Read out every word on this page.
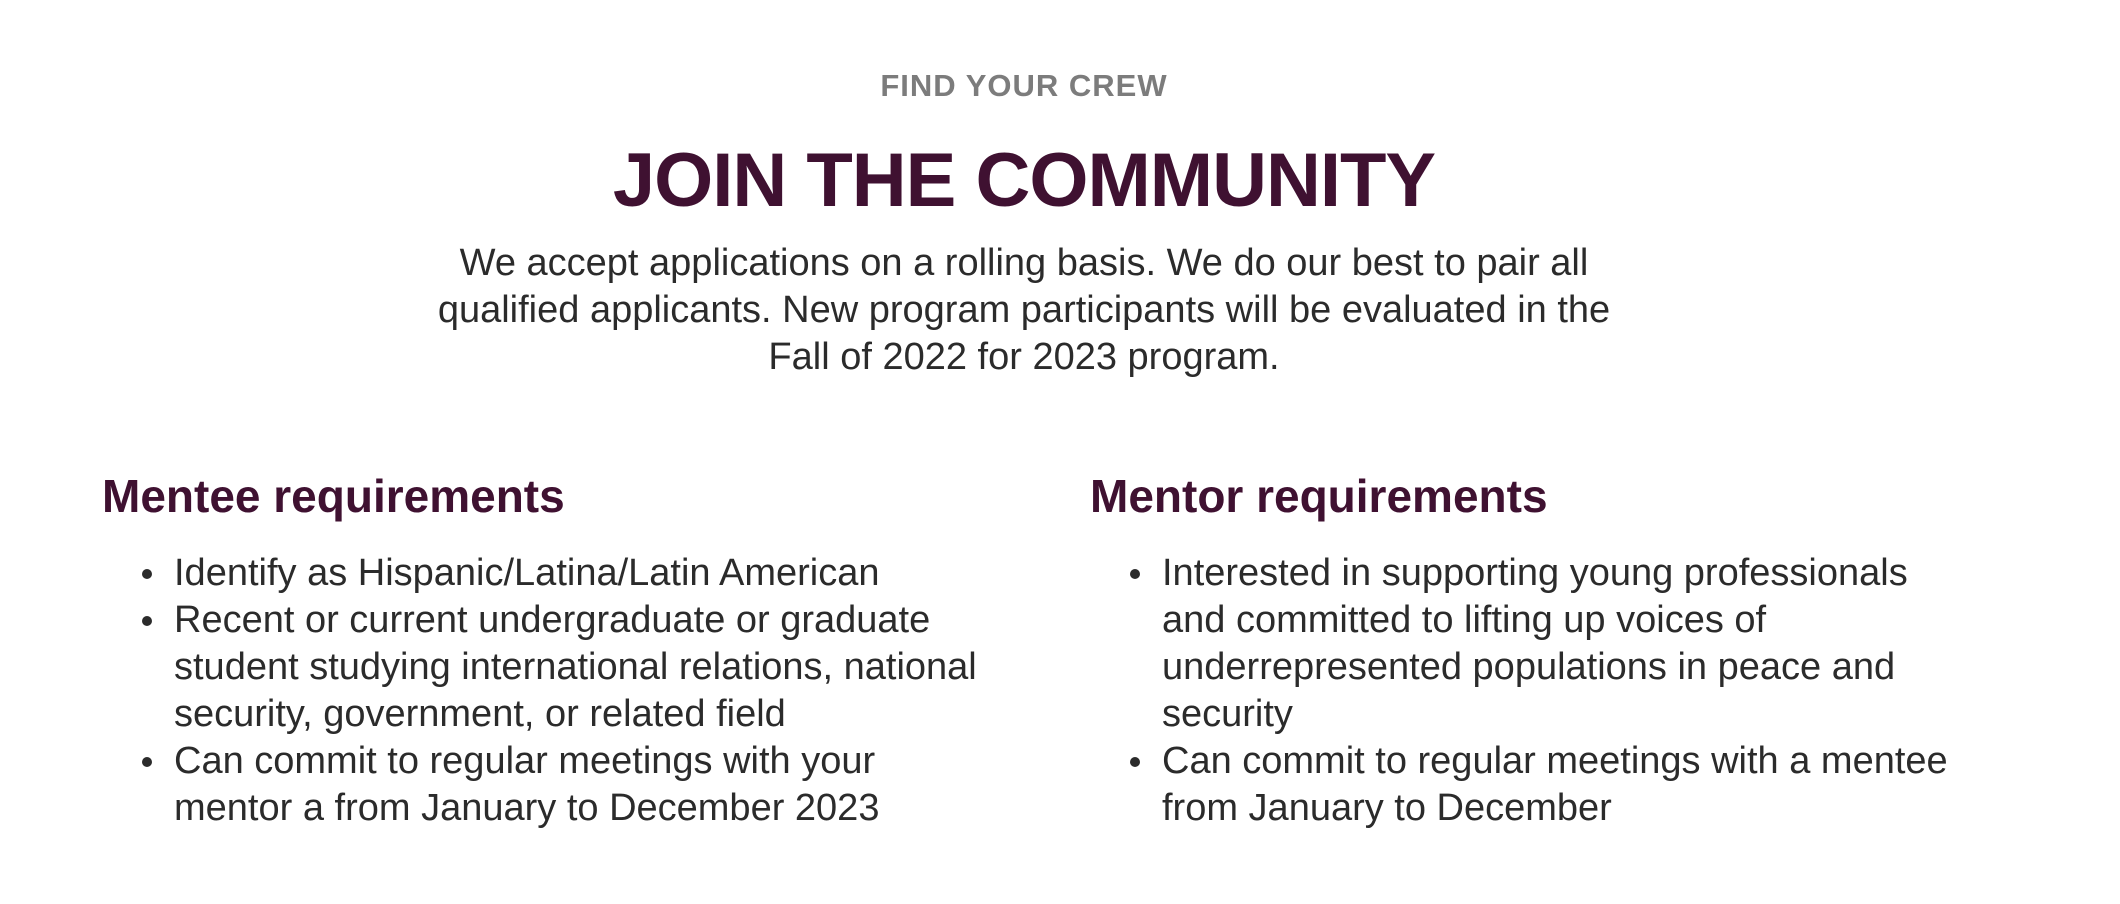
FIND YOUR CREW
JOIN THE COMMUNITY

We accept applications on a rolling basis. We do our best to pair all qualified applicants. New program participants will be evaluated in the Fall of 2022 for 2023 program.

Mentee requirements
Identify as Hispanic/Latina/Latin American
Recent or current undergraduate or graduate student studying international relations, national security, government, or related field
Can commit to regular meetings with your mentor a from January to December 2023
Mentor requirements
Interested in supporting young professionals and committed to lifting up voices of underrepresented populations in peace and security
Can commit to regular meetings with a mentee from January to December
